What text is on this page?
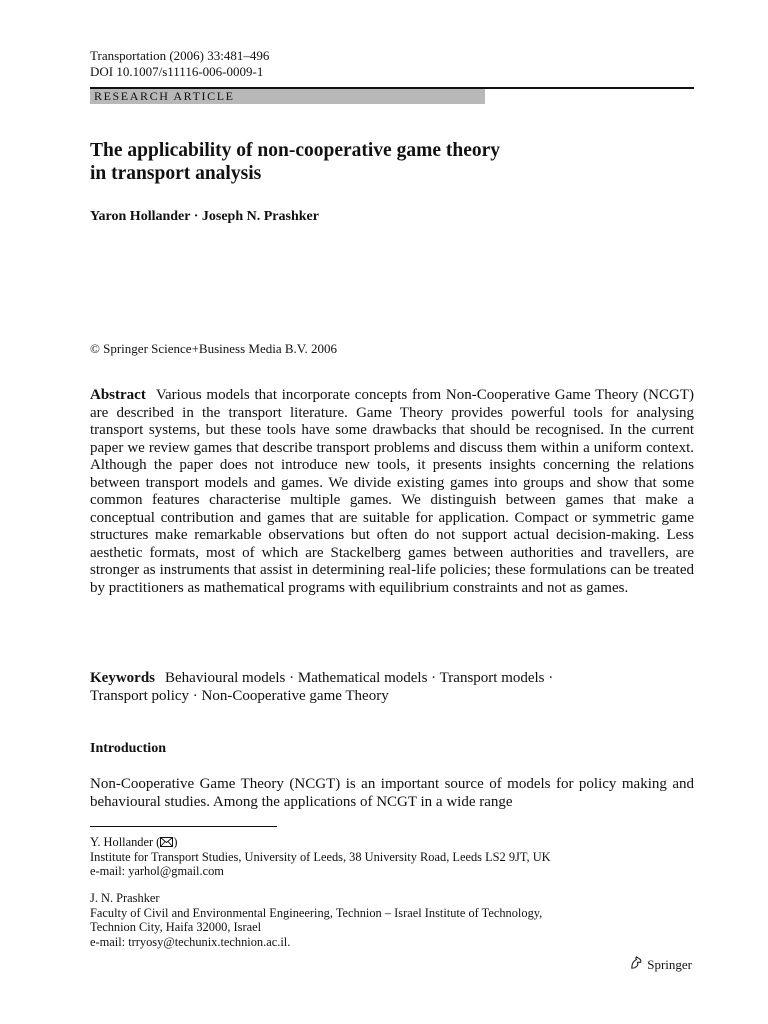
Transportation (2006) 33:481–496
DOI 10.1007/s11116-006-0009-1
RESEARCH ARTICLE
The applicability of non-cooperative game theory
in transport analysis
Yaron Hollander · Joseph N. Prashker
© Springer Science+Business Media B.V. 2006
Abstract Various models that incorporate concepts from Non-Cooperative Game Theory (NCGT) are described in the transport literature. Game Theory provides powerful tools for analysing transport systems, but these tools have some drawbacks that should be recognised. In the current paper we review games that describe transport problems and discuss them within a uniform context. Although the paper does not introduce new tools, it presents insights concerning the relations between transport models and games. We divide existing games into groups and show that some common features characterise multiple games. We distinguish between games that make a conceptual contribution and games that are suitable for application. Compact or symmetric game structures make remarkable observations but often do not support actual decision-making. Less aesthetic formats, most of which are Stackelberg games between authorities and travellers, are stronger as instruments that assist in determining real-life policies; these formulations can be treated by practitioners as mathematical programs with equilibrium constraints and not as games.
Keywords Behavioural models · Mathematical models · Transport models ·
Transport policy · Non-Cooperative game Theory
Introduction
Non-Cooperative Game Theory (NCGT) is an important source of models for policy making and behavioural studies. Among the applications of NCGT in a wide range
Y. Hollander ( )
Institute for Transport Studies, University of Leeds, 38 University Road, Leeds LS2 9JT, UK
e-mail: yarhol@gmail.com
J. N. Prashker
Faculty of Civil and Environmental Engineering, Technion – Israel Institute of Technology,
Technion City, Haifa 32000, Israel
e-mail: trryosy@techunix.technion.ac.il.
Springer
